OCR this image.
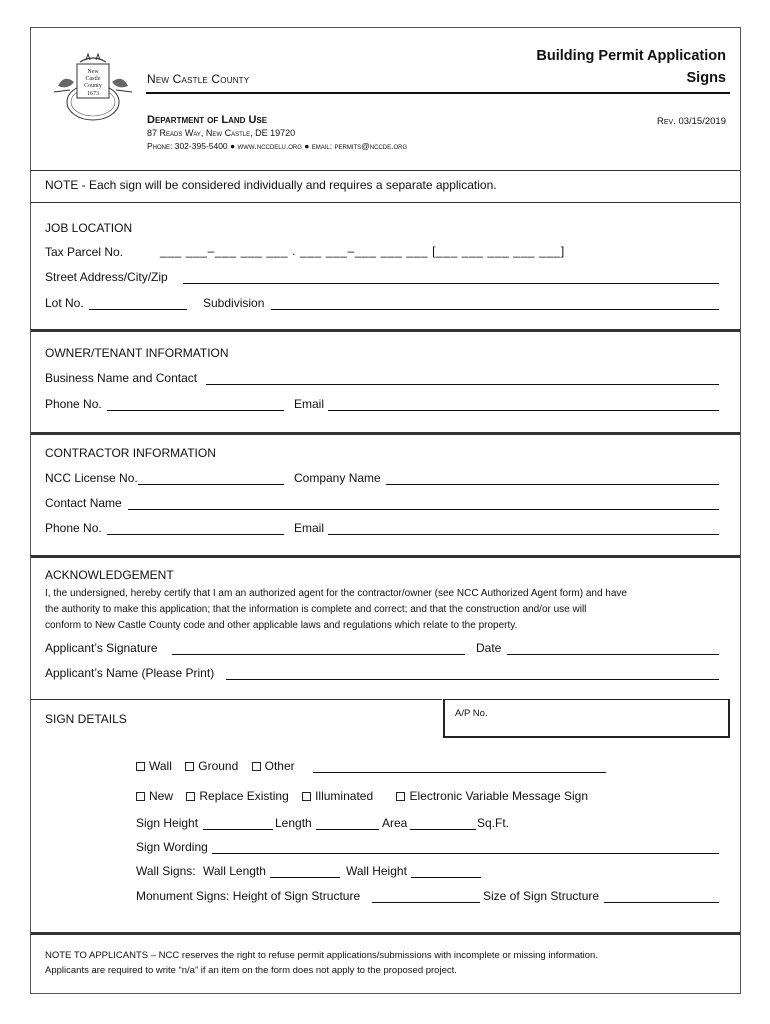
New
Castle
County
1673
New Castle County
Building Permit Application
Signs
Department of Land Use
87 Reads Way, New Castle, DE 19720
Phone: 302-395-5400 ● www.nccdelu.org ● email: permits@nccde.org
Rev. 03/15/2019
NOTE - Each sign will be considered individually and requires a separate application.
JOB LOCATION
Tax Parcel No.	___ ___–___ ___ ___ . ___ ___–___ ___ ___ [___ ___ ___ ___ ___]
Street Address/City/Zip
Lot No.	Subdivision
OWNER/TENANT INFORMATION
Business Name and Contact
Phone No.	Email
CONTRACTOR INFORMATION
NCC License No.	Company Name
Contact Name
Phone No.	Email
ACKNOWLEDGEMENT
I, the undersigned, hereby certify that I am an authorized agent for the contractor/owner (see NCC Authorized Agent form) and have
the authority to make this application; that the information is complete and correct; and that the construction and/or use will
conform to New Castle County code and other applicable laws and regulations which relate to the property.
Applicant’s Signature	Date
Applicant’s Name (Please Print)
SIGN DETAILS	A/P No.
Wall Ground Other
New Replace Existing Illuminated	Electronic Variable Message Sign
Sign Height	Length	Area	Sq.Ft.
Sign Wording
Wall Signs: Wall Length	Wall Height
Monument Signs: Height of Sign Structure	Size of Sign Structure
NOTE TO APPLICANTS – NCC reserves the right to refuse permit applications/submissions with incomplete or missing information.
Applicants are required to write “n/a” if an item on the form does not apply to the proposed project.
